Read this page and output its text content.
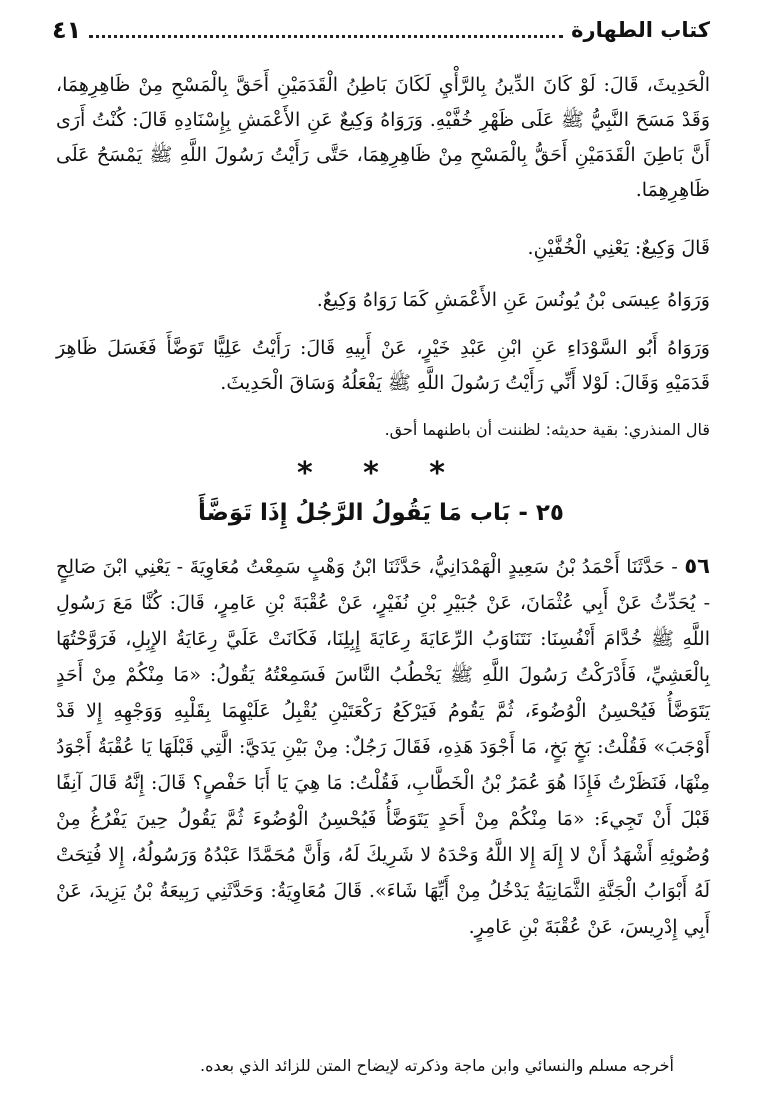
كتاب الطهارة
٤١
الْحَدِيثَ، قَالَ: لَوْ كَانَ الدِّينُ بِالرَّأْيِ لَكَانَ بَاطِنُ الْقَدَمَيْنِ أَحَقَّ بِالْمَسْحِ مِنْ ظَاهِرِهِمَا، وَقَدْ مَسَحَ النَّبِيُّ ﷺ عَلَى ظَهْرِ خُفَّيْهِ. وَرَوَاهُ وَكِيعٌ عَنِ الأَعْمَشِ بِإِسْنَادِهِ قَالَ: كُنْتُ أَرَى أَنَّ بَاطِنَ الْقَدَمَيْنِ أَحَقُّ بِالْمَسْحِ مِنْ ظَاهِرِهِمَا، حَتَّى رَأَيْتُ رَسُولَ اللَّهِ ﷺ يَمْسَحُ عَلَى ظَاهِرِهِمَا.
قَالَ وَكِيعٌ: يَعْنِي الْخُفَّيْنِ.
وَرَوَاهُ عِيسَى بْنُ يُونُسَ عَنِ الأَعْمَشِ كَمَا رَوَاهُ وَكِيعٌ.
وَرَوَاهُ أَبُو السَّوْدَاءِ عَنِ ابْنِ عَبْدِ خَيْرٍ، عَنْ أَبِيهِ قَالَ: رَأَيْتُ عَلِيًّا تَوَضَّأَ فَغَسَلَ ظَاهِرَ قَدَمَيْهِ وَقَالَ: لَوْلا أَنِّي رَأَيْتُ رَسُولَ اللَّهِ ﷺ يَفْعَلُهُ وَسَاقَ الْحَدِيثَ.
قال المنذري: بقية حديثه: لظننت أن باطنهما أحق.
* * *
٢٥ - بَاب مَا يَقُولُ الرَّجُلُ إِذَا تَوَضَّأَ
٥٦ - حَدَّثَنَا أَحْمَدُ بْنُ سَعِيدٍ الْهَمْدَانِيُّ، حَدَّثَنَا ابْنُ وَهْبٍ سَمِعْتُ مُعَاوِيَةَ - يَعْنِي ابْنَ صَالِحٍ - يُحَدِّثُ عَنْ أَبِي عُثْمَانَ، عَنْ جُبَيْرِ بْنِ نُفَيْرٍ، عَنْ عُقْبَةَ بْنِ عَامِرٍ، قَالَ: كُنَّا مَعَ رَسُولِ اللَّهِ ﷺ خُدَّامَ أَنْفُسِنَا: نَتَنَاوَبُ الرِّعَايَةَ رِعَايَةَ إِبِلِنَا، فَكَانَتْ عَلَيَّ رِعَايَةُ الإِبِلِ، فَرَوَّحْتُهَا بِالْعَشِيِّ، فَأَدْرَكْتُ رَسُولَ اللَّهِ ﷺ يَخْطُبُ النَّاسَ فَسَمِعْتُهُ يَقُولُ: «مَا مِنْكُمْ مِنْ أَحَدٍ يَتَوَضَّأُ فَيُحْسِنُ الْوُضُوءَ، ثُمَّ يَقُومُ فَيَرْكَعُ رَكْعَتَيْنِ يُقْبِلُ عَلَيْهِمَا بِقَلْبِهِ وَوَجْهِهِ إِلا قَدْ أَوْجَبَ» فَقُلْتُ: بَخٍ بَخٍ، مَا أَجْوَدَ هَذِهِ، فَقَالَ رَجُلٌ: مِنْ بَيْنِ يَدَيَّ: الَّتِي قَبْلَهَا يَا عُقْبَةُ أَجْوَدُ مِنْهَا، فَنَظَرْتُ فَإِذَا هُوَ عُمَرُ بْنُ الْخَطَّابِ، فَقُلْتُ: مَا هِيَ يَا أَبَا حَفْصٍ؟ قَالَ: إِنَّهُ قَالَ آنِفًا قَبْلَ أَنْ تَجِيءَ: «مَا مِنْكُمْ مِنْ أَحَدٍ يَتَوَضَّأُ فَيُحْسِنُ الْوُضُوءَ ثُمَّ يَقُولُ حِينَ يَفْرُغُ مِنْ وُضُوئِهِ أَشْهَدُ أَنْ لا إِلَهَ إِلا اللَّهُ وَحْدَهُ لا شَرِيكَ لَهُ، وَأَنَّ مُحَمَّدًا عَبْدُهُ وَرَسُولُهُ، إِلا فُتِحَتْ لَهُ أَبْوَابُ الْجَنَّةِ الثَّمَانِيَةُ يَدْخُلُ مِنْ أَيِّهَا شَاءَ». قَالَ مُعَاوِيَةُ: وَحَدَّثَنِي رَبِيعَةُ بْنُ يَزِيدَ، عَنْ أَبِي إِدْرِيسَ، عَنْ عُقْبَةَ بْنِ عَامِرٍ.
أخرجه مسلم والنسائي وابن ماجة وذكرته لإيضاح المتن للزائد الذي بعده.
